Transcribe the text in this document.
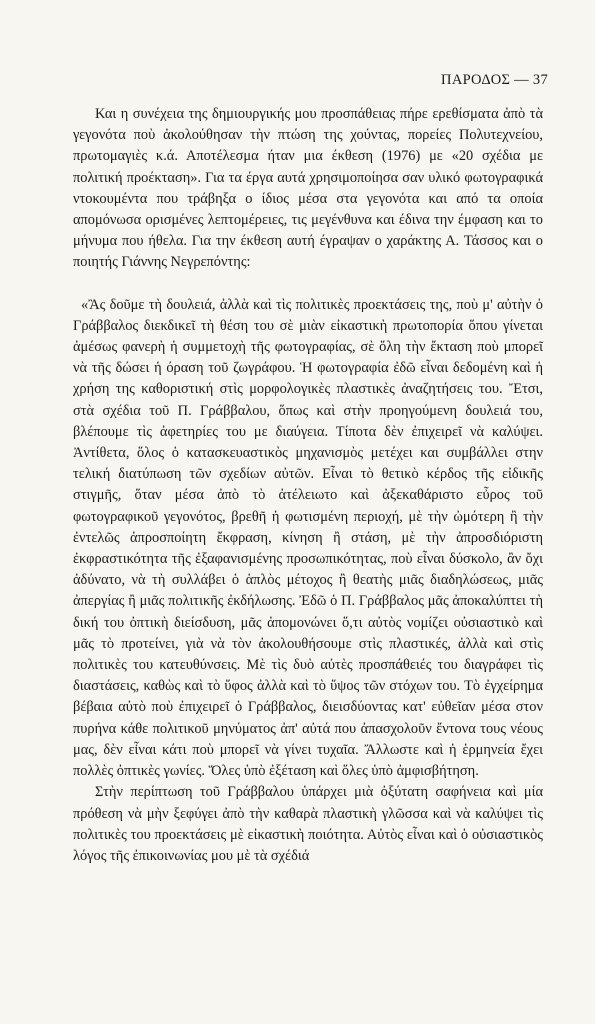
ΠΑΡΟΔΟΣ — 37

Και η συνέχεια της δημιουργικής μου προσπάθειας πήρε ερεθίσματα ἀπὸ τὰ γεγονότα ποὺ ἀκολούθησαν τὴν πτώση της χούντας, πορείες Πολυτεχνείου, πρωτομαγιὲς κ.ά. Αποτέλεσμα ήταν μια έκθεση (1976) με «20 σχέδια με πολιτική προέκταση». Για τα έργα αυτά χρησιμοποίησα σαν υλικό φωτογραφικά ντοκουμέντα που τράβηξα ο ίδιος μέσα στα γεγονότα και από τα οποία απομόνωσα ορισμένες λεπτομέρειες, τις μεγένθυνα και έδινα την έμφαση και το μήνυμα που ήθελα. Για την έκθεση αυτή έγραψαν ο χαράκτης Α. Τάσσος και ο ποιητής Γιάννης Νεγρεπόντης:

«Ἂς δοῦμε τὴ δουλειά, ἀλλὰ καὶ τὶς πολιτικὲς προεκτάσεις της, ποὺ μ' αὐτὴν ὁ Γράββαλος διεκδικεῖ τὴ θέση του σὲ μιὰν εἰκαστικὴ πρωτοπορία ὅπου γίνεται ἀμέσως φανερὴ ἡ συμμετοχὴ τῆς φωτογραφίας, σὲ ὅλη τὴν ἔκταση ποὺ μπορεῖ νὰ τῆς δώσει ἡ όραση τοῦ ζωγράφου. Ἡ φωτογραφία ἐδῶ εἶναι δεδομένη καὶ ἡ χρήση της καθοριστική στὶς μορφολογικὲς πλαστικὲς ἀναζητήσεις του. Ἔτσι, στὰ σχέδια τοῦ Π. Γράββαλου, ὅπως καὶ στὴν προηγούμενη δουλειά του, βλέπουμε τὶς ἀφετηρίες του με διαύγεια. Τίποτα δὲν ἐπιχειρεῖ νὰ καλύψει. Ἀντίθετα, ὅλος ὁ κατασκευαστικὸς μηχανισμὸς μετέχει και συμβάλλει στην τελική διατύπωση τῶν σχεδίων αὐτῶν. Εἶναι τὸ θετικὸ κέρδος τῆς εἰδικῆς στιγμῆς, ὅταν μέσα ἀπὸ τὸ ἀτέλειωτο καὶ ἀξεκαθάριστο εὖρος τοῦ φωτογραφικοῦ γεγονότος, βρεθῆ ἡ φωτισμένη περιοχή, μὲ τὴν ὠμότερη ἢ τὴν ἐντελῶς ἀπροσποίητη ἔκφραση, κίνηση ἢ στάση, μὲ τὴν ἀπροσδιόριστη ἐκφραστικότητα τῆς ἐξαφανισμένης προσωπικότητας, ποὺ εἶναι δύσκολο, ἂν ὄχι ἀδύνατο, νὰ τὴ συλλάβει ὁ ἁπλὸς μέτοχος ἢ θεατὴς μιᾶς διαδηλώσεως, μιᾶς ἀπεργίας ἢ μιᾶς πολιτικῆς ἐκδήλωσης. Ἐδῶ ὁ Π. Γράββαλος μᾶς ἀποκαλύπτει τὴ δική του ὀπτικὴ διείσδυση, μᾶς ἀπομονώνει ὅ,τι αὐτὸς νομίζει οὐσιαστικὸ καὶ μᾶς τὸ προτείνει, γιὰ νὰ τὸν ἀκολουθήσουμε στὶς πλαστικές, ἀλλὰ καὶ στὶς πολιτικὲς του κατευθύνσεις. Μὲ τὶς δυὸ αὐτὲς προσπάθειές του διαγράφει τὶς διαστάσεις, καθὼς καὶ τὸ ὕφος ἀλλὰ καὶ τὸ ὕψος τῶν στόχων του. Τὸ ἐγχείρημα βέβαια αὐτὸ ποὺ ἐπιχειρεῖ ὁ Γράββαλος, διεισδύοντας κατ' εὐθεῖαν μέσα στον πυρήνα κάθε πολιτικοῦ μηνύματος ἀπ' αὐτά που ἀπασχολοῦν ἔντονα τους νέους μας, δὲν εἶναι κάτι ποὺ μπορεῖ νὰ γίνει τυχαῖα. Ἄλλωστε καὶ ἡ ἑρμηνεία ἔχει πολλὲς ὀπτικὲς γωνίες. Ὅλες ὑπὸ ἐξέταση καὶ ὅλες ὑπὸ ἀμφισβήτηση.

Στὴν περίπτωση τοῦ Γράββαλου ὑπάρχει μιὰ ὀξύτατη σαφήνεια καὶ μία πρόθεση νὰ μὴν ξεφύγει ἀπὸ τὴν καθαρὰ πλαστικὴ γλῶσσα καὶ νὰ καλύψει τὶς πολιτικὲς του προεκτάσεις μὲ εἰκαστικὴ ποιότητα. Αὐτὸς εἶναι καὶ ὁ οὐσιαστικὸς λόγος τῆς ἐπικοινωνίας μου μὲ τὰ σχέδιά
